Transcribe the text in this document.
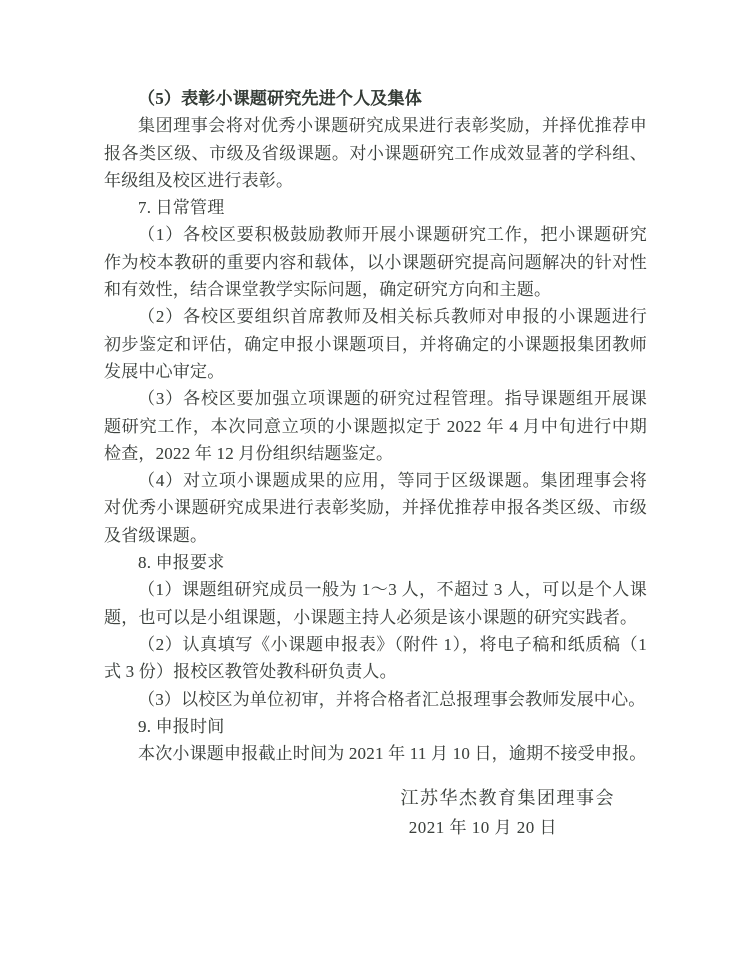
（5）表彰小课题研究先进个人及集体
集团理事会将对优秀小课题研究成果进行表彰奖励，并择优推荐申
报各类区级、市级及省级课题。对小课题研究工作成效显著的学科组、
年级组及校区进行表彰。
7. 日常管理
（1）各校区要积极鼓励教师开展小课题研究工作，把小课题研究
作为校本教研的重要内容和载体，以小课题研究提高问题解决的针对性
和有效性，结合课堂教学实际问题，确定研究方向和主题。
（2）各校区要组织首席教师及相关标兵教师对申报的小课题进行
初步鉴定和评估，确定申报小课题项目，并将确定的小课题报集团教师
发展中心审定。
（3）各校区要加强立项课题的研究过程管理。指导课题组开展课
题研究工作，本次同意立项的小课题拟定于 2022 年 4 月中旬进行中期
检查，2022 年 12 月份组织结题鉴定。
（4）对立项小课题成果的应用，等同于区级课题。集团理事会将
对优秀小课题研究成果进行表彰奖励，并择优推荐申报各类区级、市级
及省级课题。
8. 申报要求
（1）课题组研究成员一般为 1～3 人，不超过 3 人，可以是个人课
题，也可以是小组课题，小课题主持人必须是该小课题的研究实践者。
（2）认真填写《小课题申报表》（附件 1），将电子稿和纸质稿（1
式 3 份）报校区教管处教科研负责人。
（3）以校区为单位初审，并将合格者汇总报理事会教师发展中心。
9. 申报时间
本次小课题申报截止时间为 2021 年 11 月 10 日，逾期不接受申报。
江苏华杰教育集团理事会
2021 年 10 月 20 日
